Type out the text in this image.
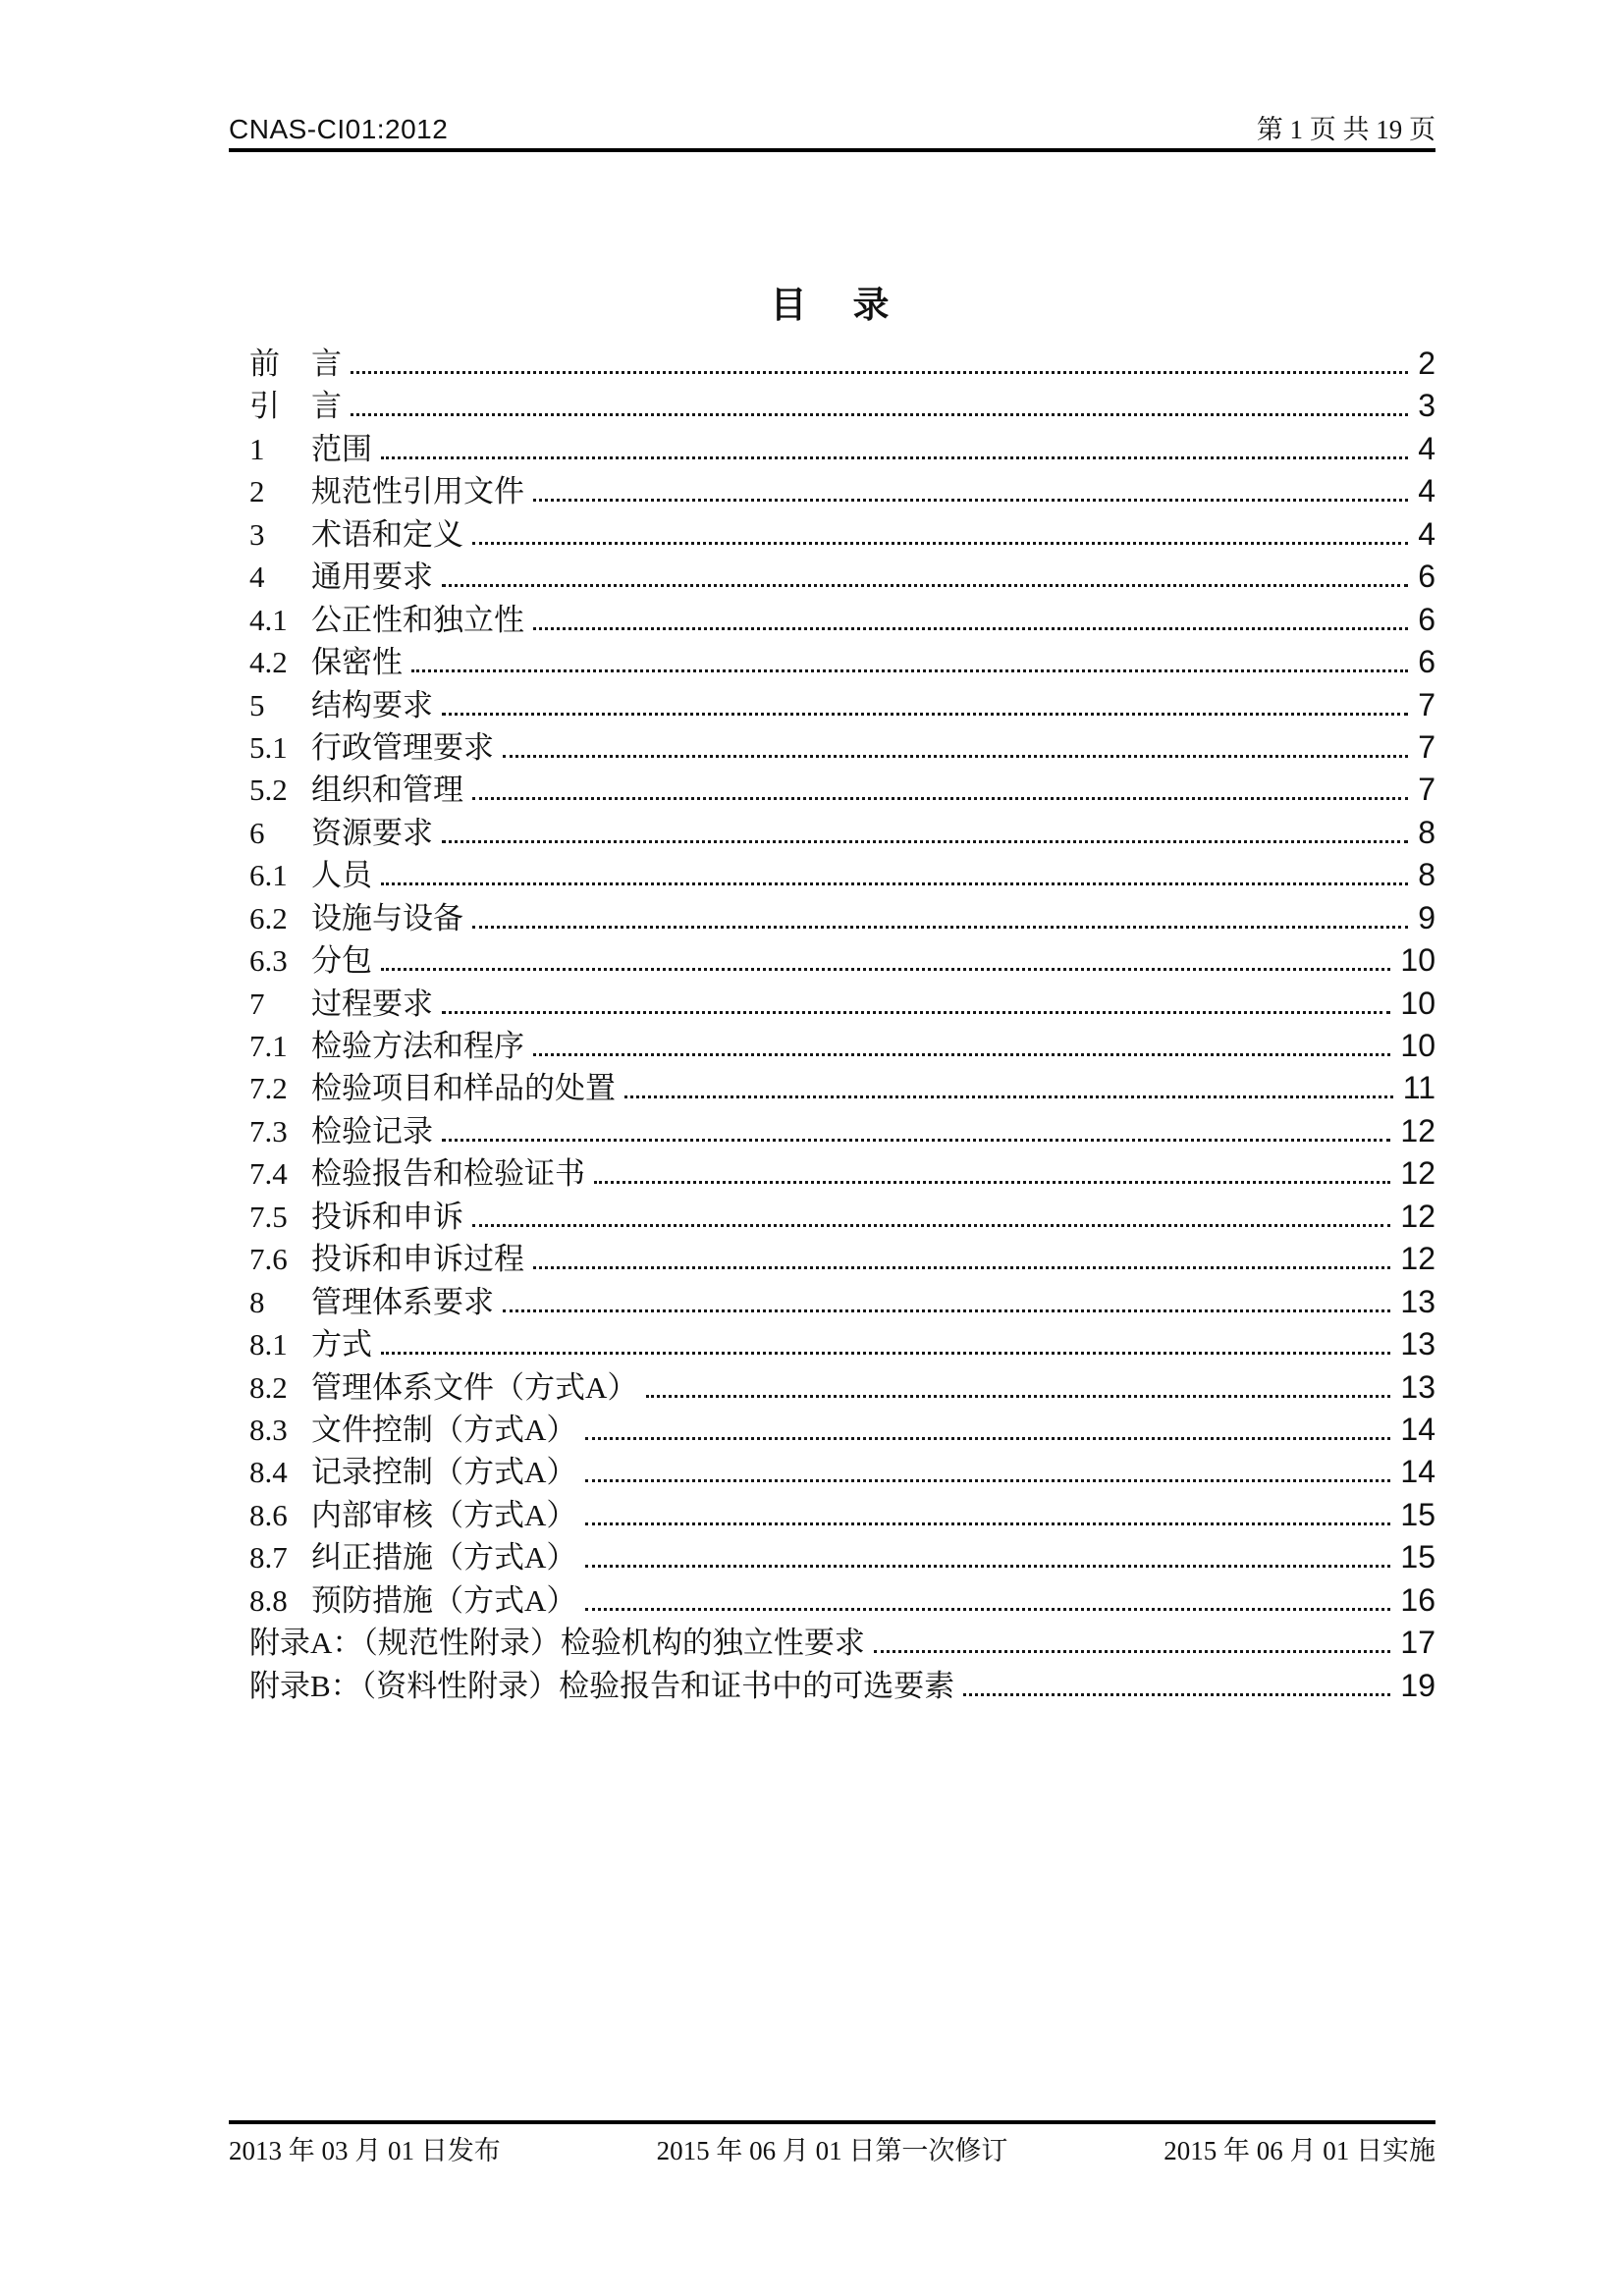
CNAS-CI01:2012	第 1 页 共 19 页
目　录
前	言	2
引	言	3
1	范围	4
2	规范性引用文件	4
3	术语和定义	4
4	通用要求	6
4.1	公正性和独立性	6
4.2	保密性	6
5	结构要求	7
5.1	行政管理要求	7
5.2	组织和管理	7
6	资源要求	8
6.1	人员	8
6.2	设施与设备	9
6.3	分包	10
7	过程要求	10
7.1	检验方法和程序	10
7.2	检验项目和样品的处置	11
7.3	检验记录	12
7.4	检验报告和检验证书	12
7.5	投诉和申诉	12
7.6	投诉和申诉过程	12
8	管理体系要求	13
8.1	方式	13
8.2	管理体系文件（方式A）	13
8.3	文件控制（方式A）	14
8.4	记录控制（方式A）	14
8.6	内部审核（方式A）	15
8.7	纠正措施（方式A）	15
8.8	预防措施（方式A）	16
附录A：（规范性附录）检验机构的独立性要求	17
附录B：（资料性附录）检验报告和证书中的可选要素	19
2013 年 03 月 01 日发布	2015 年 06 月 01 日第一次修订	2015 年 06 月 01 日实施
